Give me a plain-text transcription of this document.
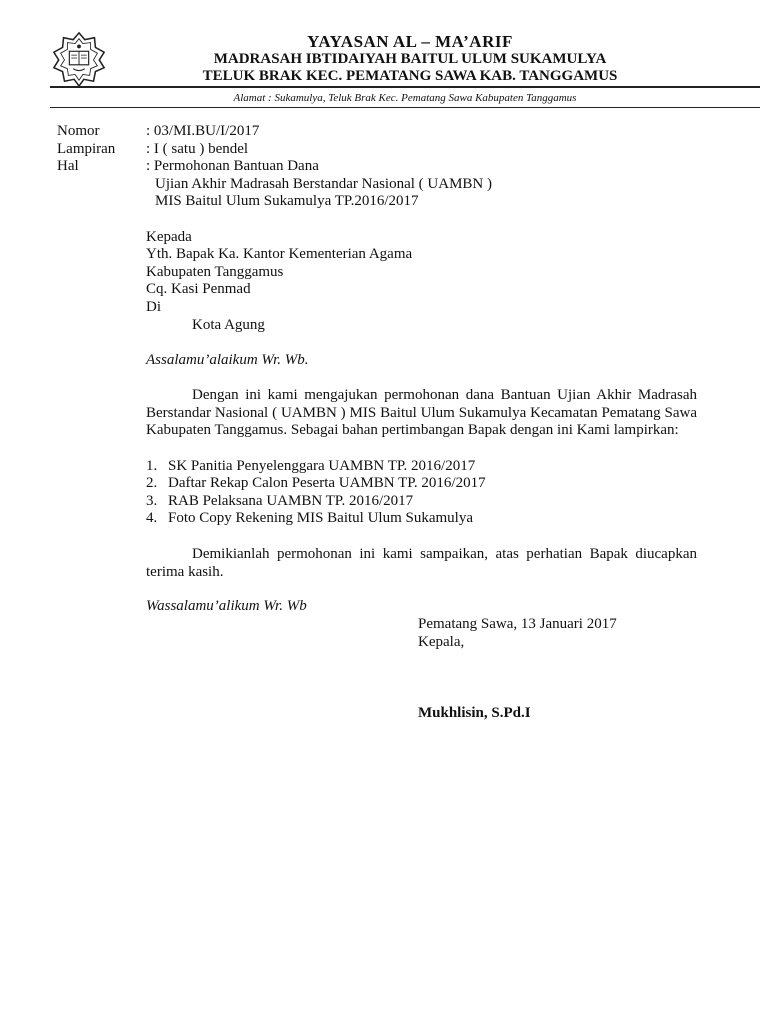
YAYASAN AL – MA’ARIF
MADRASAH IBTIDAIYAH BAITUL ULUM SUKAMULYA
TELUK BRAK KEC. PEMATANG SAWA KAB. TANGGAMUS
Alamat : Sukamulya, Teluk Brak Kec. Pematang Sawa Kabupaten Tanggamus
Nomor	: 03/MI.BU/I/2017
Lampiran : I ( satu ) bendel
Hal	: Permohonan Bantuan Dana
Ujian Akhir Madrasah Berstandar Nasional ( UAMBN )
MIS Baitul Ulum Sukamulya TP.2016/2017
Kepada
Yth. Bapak Ka. Kantor Kementerian Agama
Kabupaten Tanggamus
Cq. Kasi Penmad
Di
Kota Agung
Assalamu’alaikum Wr. Wb.
Dengan ini kami mengajukan permohonan dana Bantuan Ujian Akhir Madrasah Berstandar Nasional ( UAMBN ) MIS Baitul Ulum Sukamulya Kecamatan Pematang Sawa Kabupaten Tanggamus. Sebagai bahan pertimbangan Bapak dengan ini Kami lampirkan:
1. SK Panitia Penyelenggara UAMBN TP. 2016/2017
2. Daftar Rekap Calon Peserta UAMBN TP. 2016/2017
3. RAB Pelaksana UAMBN TP. 2016/2017
4. Foto Copy Rekening MIS Baitul Ulum Sukamulya
Demikianlah permohonan ini kami sampaikan, atas perhatian Bapak diucapkan terima kasih.
Wassalamu’alikum Wr. Wb
Pematang Sawa, 13 Januari 2017
Kepala,
Mukhlisin, S.Pd.I
